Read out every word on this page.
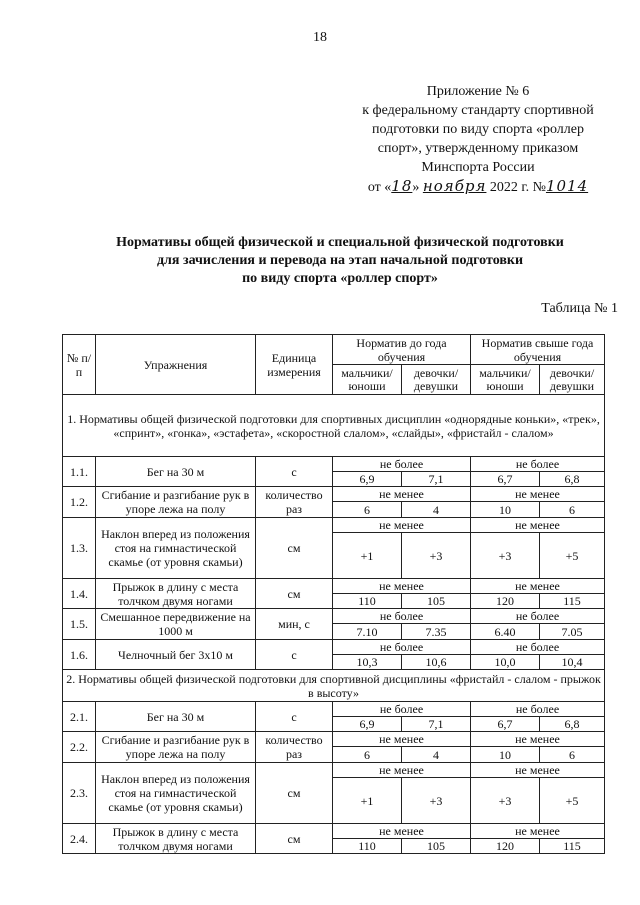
18
Приложение № 6
к федеральному стандарту спортивной
подготовки по виду спорта «роллер
спорт», утвержденному приказом
Минспорта России
от «18» ноября 2022 г. №1014
Нормативы общей физической и специальной физической подготовки
для зачисления и перевода на этап начальной подготовки
по виду спорта «роллер спорт»
Таблица № 1
№ п/п	Упражнения	Единица измерения	Норматив до года обучения		Норматив свыше года обучения	
			мальчики/ юноши	девочки/ девушки	мальчики/ юноши	девочки/ девушки
1. Нормативы общей физической подготовки для спортивных дисциплин «однорядные коньки», «трек», «спринт», «гонка», «эстафета», «скоростной слалом», «слайды», «фристайл - слалом»						
1.1.	Бег на 30 м	с	не более		не более	
			6,9	7,1	6,7	6,8
1.2.	Сгибание и разгибание рук в упоре лежа на полу	количество раз	не менее		не менее	
			6	4	10	6
1.3.	Наклон вперед из положения стоя на гимнастической скамье (от уровня скамьи)	см	не менее		не менее	
			+1	+3	+3	+5
1.4.	Прыжок в длину с места толчком двумя ногами	см	не менее		не менее	
			110	105	120	115
1.5.	Смешанное передвижение на 1000 м	мин, с	не более		не более	
			7.10	7.35	6.40	7.05
1.6.	Челночный бег 3х10 м	с	не более		не более	
			10,3	10,6	10,0	10,4
2. Нормативы общей физической подготовки для спортивной дисциплины «фристайл - слалом - прыжок в высоту»						
2.1.	Бег на 30 м	с	не более		не более	
			6,9	7,1	6,7	6,8
2.2.	Сгибание и разгибание рук в упоре лежа на полу	количество раз	не менее		не менее	
			6	4	10	6
2.3.	Наклон вперед из положения стоя на гимнастической скамье (от уровня скамьи)	см	не менее		не менее	
			+1	+3	+3	+5
2.4.	Прыжок в длину с места толчком двумя ногами	см	не менее		не менее	
			110	105	120	115
